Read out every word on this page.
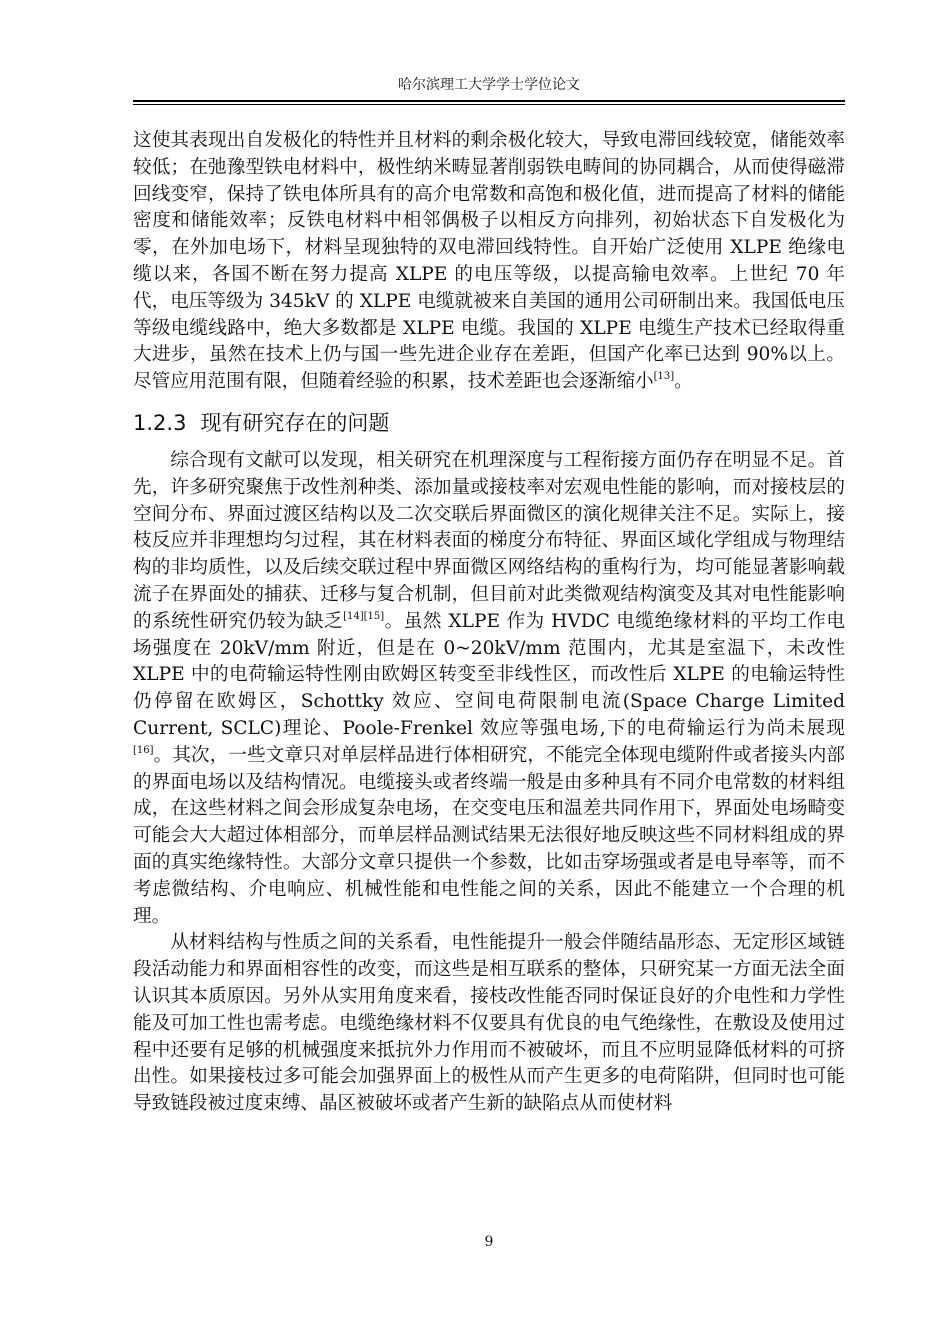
哈尔滨理工大学学士学位论文

这使其表现出自发极化的特性并且材料的剩余极化较大，导致电滞回线较宽，储能效率较低；在弛豫型铁电材料中，极性纳米畴显著削弱铁电畴间的协同耦合，从而使得磁滞回线变窄，保持了铁电体所具有的高介电常数和高饱和极化值，进而提高了材料的储能密度和储能效率；反铁电材料中相邻偶极子以相反方向排列，初始状态下自发极化为零，在外加电场下，材料呈现独特的双电滞回线特性。自开始广泛使用 XLPE 绝缘电缆以来，各国不断在努力提高 XLPE 的电压等级，以提高输电效率。上世纪 70 年代，电压等级为 345kV 的 XLPE 电缆就被来自美国的通用公司研制出来。我国低电压等级电缆线路中，绝大多数都是 XLPE 电缆。我国的 XLPE 电缆生产技术已经取得重大进步，虽然在技术上仍与国一些先进企业存在差距，但国产化率已达到 90%以上。尽管应用范围有限，但随着经验的积累，技术差距也会逐渐缩小[13]。

1.2.3 现有研究存在的问题

综合现有文献可以发现，相关研究在机理深度与工程衔接方面仍存在明显不足。首先，许多研究聚焦于改性剂种类、添加量或接枝率对宏观电性能的影响，而对接枝层的空间分布、界面过渡区结构以及二次交联后界面微区的演化规律关注不足。实际上，接枝反应并非理想均匀过程，其在材料表面的梯度分布特征、界面区域化学组成与物理结构的非均质性，以及后续交联过程中界面微区网络结构的重构行为，均可能显著影响载流子在界面处的捕获、迁移与复合机制，但目前对此类微观结构演变及其对电性能影响的系统性研究仍较为缺乏[14][15]。虽然 XLPE 作为 HVDC 电缆绝缘材料的平均工作电场强度在 20kV/mm 附近，但是在 0~20kV/mm 范围内，尤其是室温下，未改性 XLPE 中的电荷输运特性刚由欧姆区转变至非线性区，而改性后 XLPE 的电输运特性仍停留在欧姆区，Schottky 效应、空间电荷限制电流(Space Charge Limited Current, SCLC)理论、Poole-Frenkel 效应等强电场,下的电荷输运行为尚未展现[16]。其次，一些文章只对单层样品进行体相研究，不能完全体现电缆附件或者接头内部的界面电场以及结构情况。电缆接头或者终端一般是由多种具有不同介电常数的材料组成，在这些材料之间会形成复杂电场，在交变电压和温差共同作用下，界面处电场畸变可能会大大超过体相部分，而单层样品测试结果无法很好地反映这些不同材料组成的界面的真实绝缘特性。大部分文章只提供一个参数，比如击穿场强或者是电导率等，而不考虑微结构、介电响应、机械性能和电性能之间的关系，因此不能建立一个合理的机理。

从材料结构与性质之间的关系看，电性能提升一般会伴随结晶形态、无定形区域链段活动能力和界面相容性的改变，而这些是相互联系的整体，只研究某一方面无法全面认识其本质原因。另外从实用角度来看，接枝改性能否同时保证良好的介电性和力学性能及可加工性也需考虑。电缆绝缘材料不仅要具有优良的电气绝缘性，在敷设及使用过程中还要有足够的机械强度来抵抗外力作用而不被破坏，而且不应明显降低材料的可挤出性。如果接枝过多可能会加强界面上的极性从而产生更多的电荷陷阱，但同时也可能导致链段被过度束缚、晶区被破坏或者产生新的缺陷点从而使材料

9
